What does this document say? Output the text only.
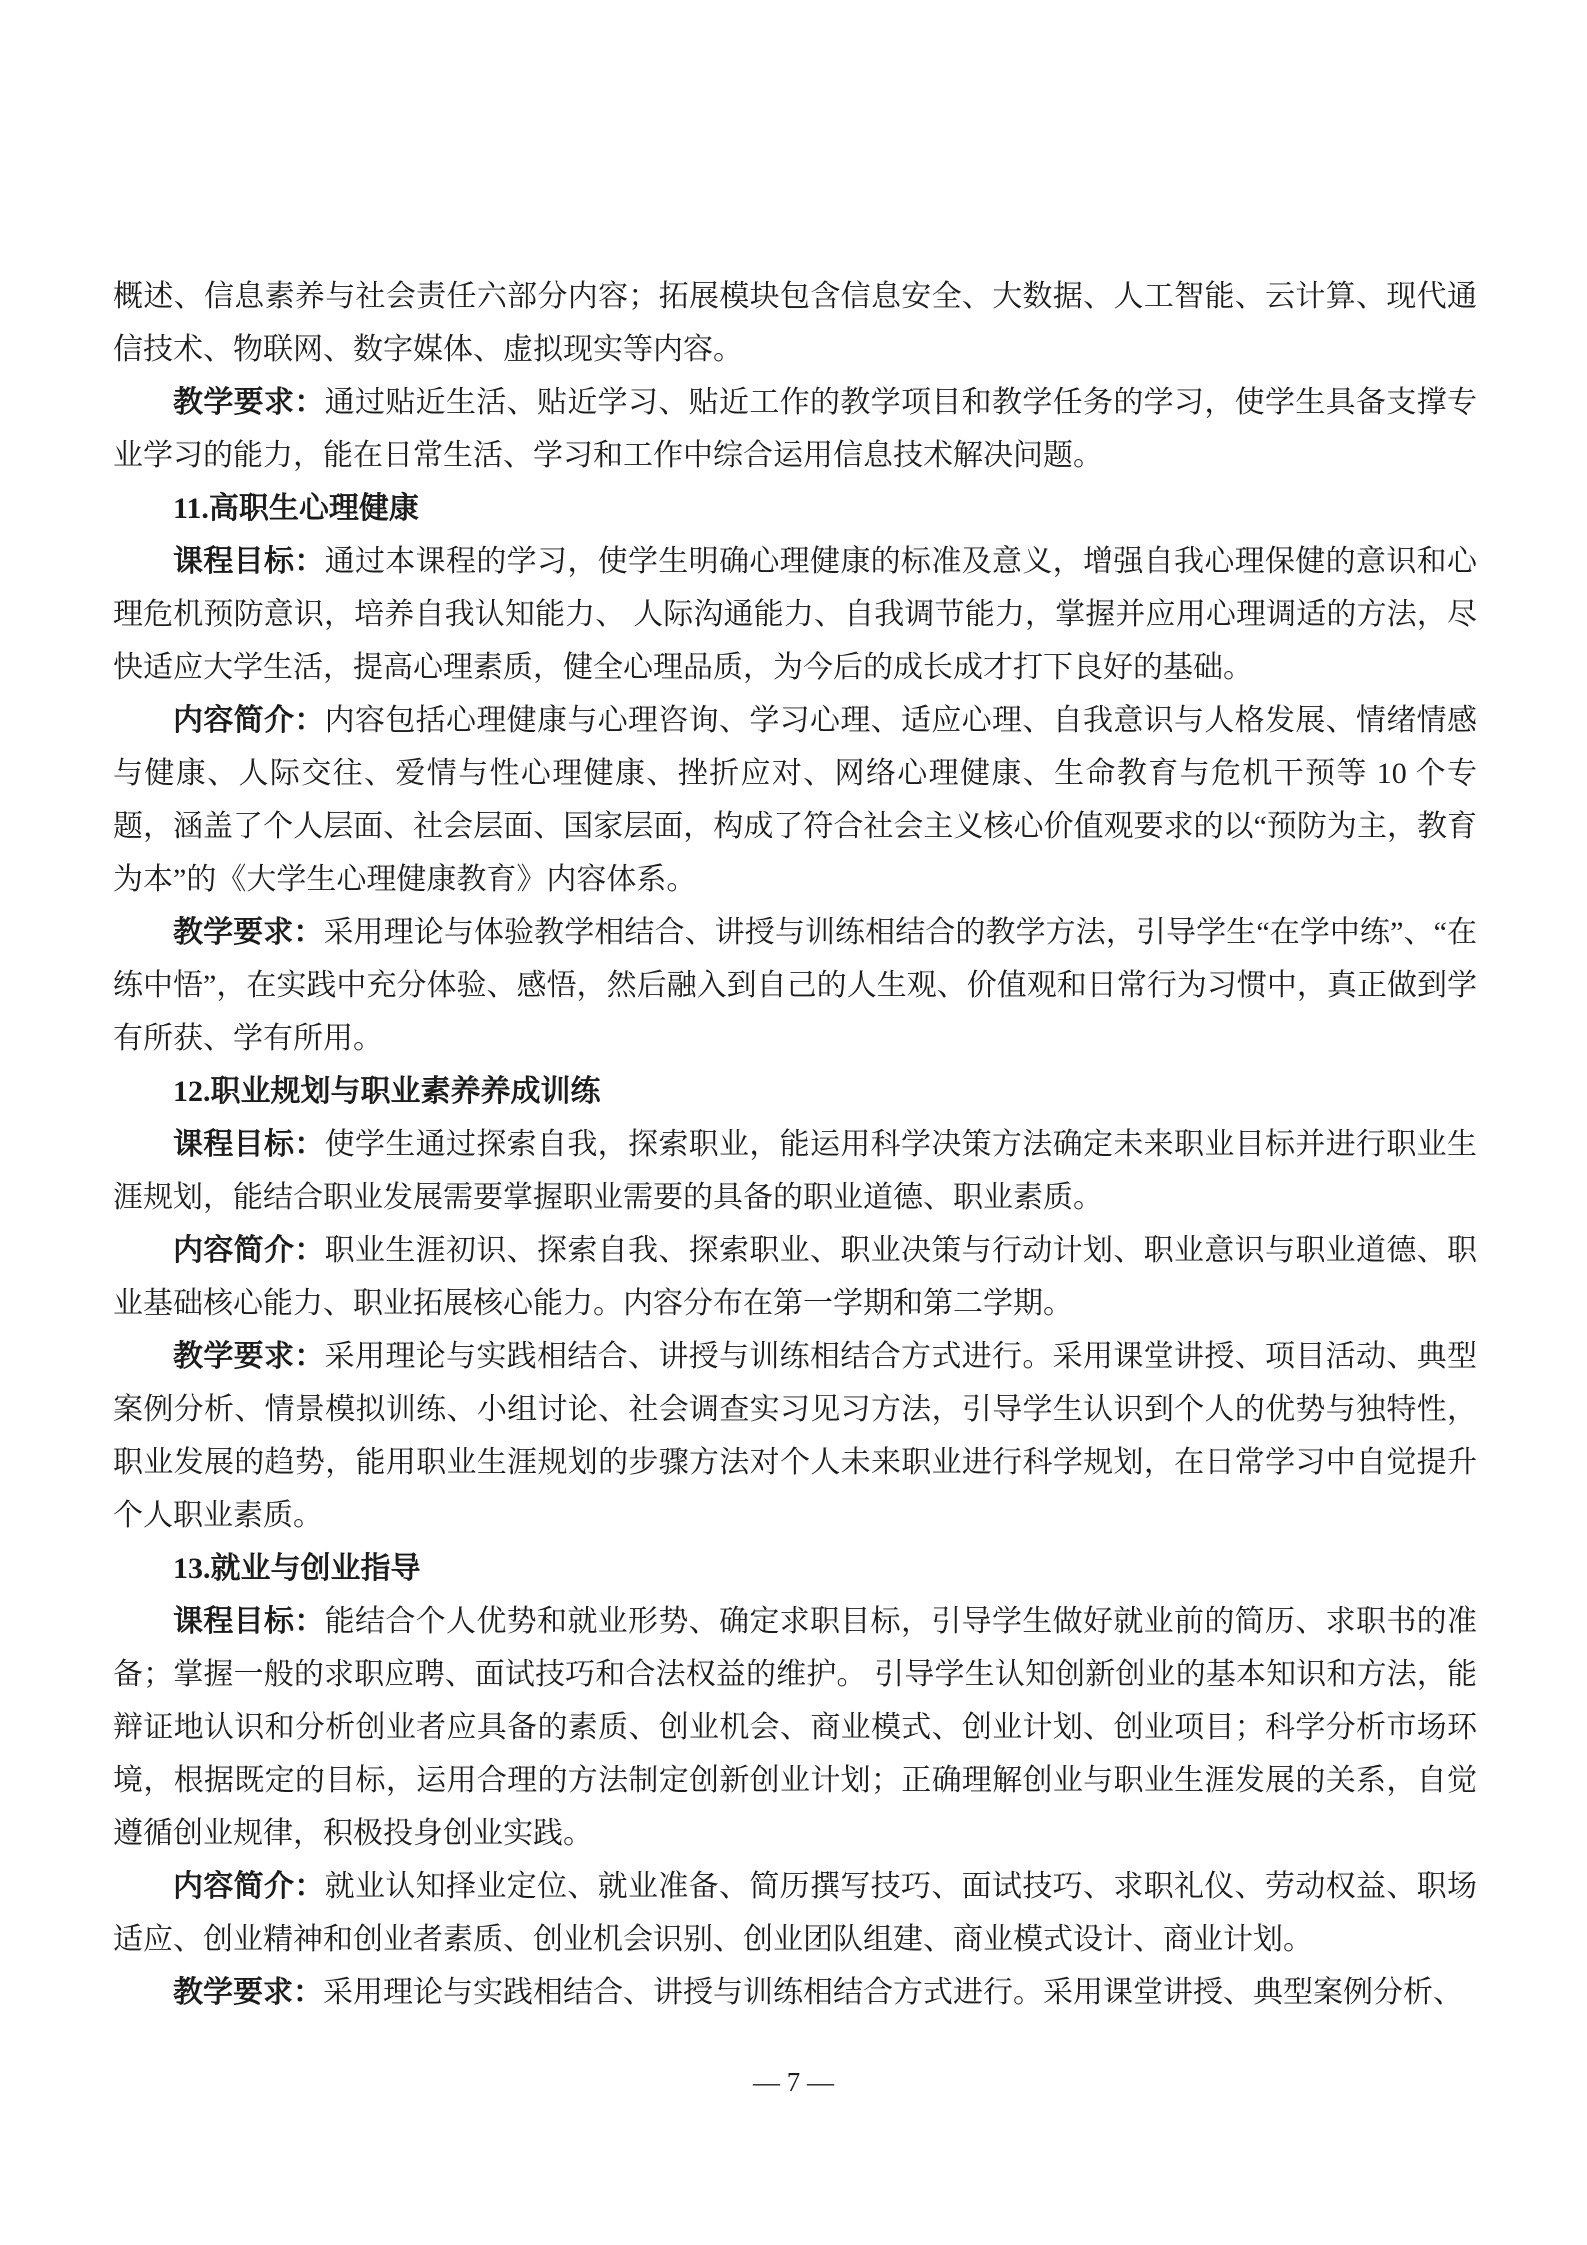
概述、信息素养与社会责任六部分内容；拓展模块包含信息安全、大数据、人工智能、云计算、现代通信技术、物联网、数字媒体、虚拟现实等内容。

教学要求：通过贴近生活、贴近学习、贴近工作的教学项目和教学任务的学习，使学生具备支撑专业学习的能力，能在日常生活、学习和工作中综合运用信息技术解决问题。

11.高职生心理健康

课程目标：通过本课程的学习，使学生明确心理健康的标准及意义，增强自我心理保健的意识和心理危机预防意识，培养自我认知能力、 人际沟通能力、自我调节能力，掌握并应用心理调适的方法，尽快适应大学生活，提高心理素质，健全心理品质，为今后的成长成才打下良好的基础。

内容简介：内容包括心理健康与心理咨询、学习心理、适应心理、自我意识与人格发展、情绪情感与健康、人际交往、爱情与性心理健康、挫折应对、网络心理健康、生命教育与危机干预等 10 个专题，涵盖了个人层面、社会层面、国家层面，构成了符合社会主义核心价值观要求的以“预防为主，教育为本”的《大学生心理健康教育》内容体系。

教学要求：采用理论与体验教学相结合、讲授与训练相结合的教学方法，引导学生“在学中练”、“在练中悟”，在实践中充分体验、感悟，然后融入到自己的人生观、价值观和日常行为习惯中，真正做到学有所获、学有所用。

12.职业规划与职业素养养成训练

课程目标：使学生通过探索自我，探索职业，能运用科学决策方法确定未来职业目标并进行职业生涯规划，能结合职业发展需要掌握职业需要的具备的职业道德、职业素质。

内容简介：职业生涯初识、探索自我、探索职业、职业决策与行动计划、职业意识与职业道德、职业基础核心能力、职业拓展核心能力。内容分布在第一学期和第二学期。

教学要求：采用理论与实践相结合、讲授与训练相结合方式进行。采用课堂讲授、项目活动、典型案例分析、情景模拟训练、小组讨论、社会调查实习见习方法，引导学生认识到个人的优势与独特性，职业发展的趋势，能用职业生涯规划的步骤方法对个人未来职业进行科学规划，在日常学习中自觉提升个人职业素质。

13.就业与创业指导

课程目标：能结合个人优势和就业形势、确定求职目标，引导学生做好就业前的简历、求职书的准备；掌握一般的求职应聘、面试技巧和合法权益的维护。 引导学生认知创新创业的基本知识和方法，能辩证地认识和分析创业者应具备的素质、创业机会、商业模式、创业计划、创业项目；科学分析市场环境，根据既定的目标，运用合理的方法制定创新创业计划；正确理解创业与职业生涯发展的关系，自觉遵循创业规律，积极投身创业实践。

内容简介：就业认知择业定位、就业准备、简历撰写技巧、面试技巧、求职礼仪、劳动权益、职场适应、创业精神和创业者素质、创业机会识别、创业团队组建、商业模式设计、商业计划。

教学要求：采用理论与实践相结合、讲授与训练相结合方式进行。采用课堂讲授、典型案例分析、

— 7 —
